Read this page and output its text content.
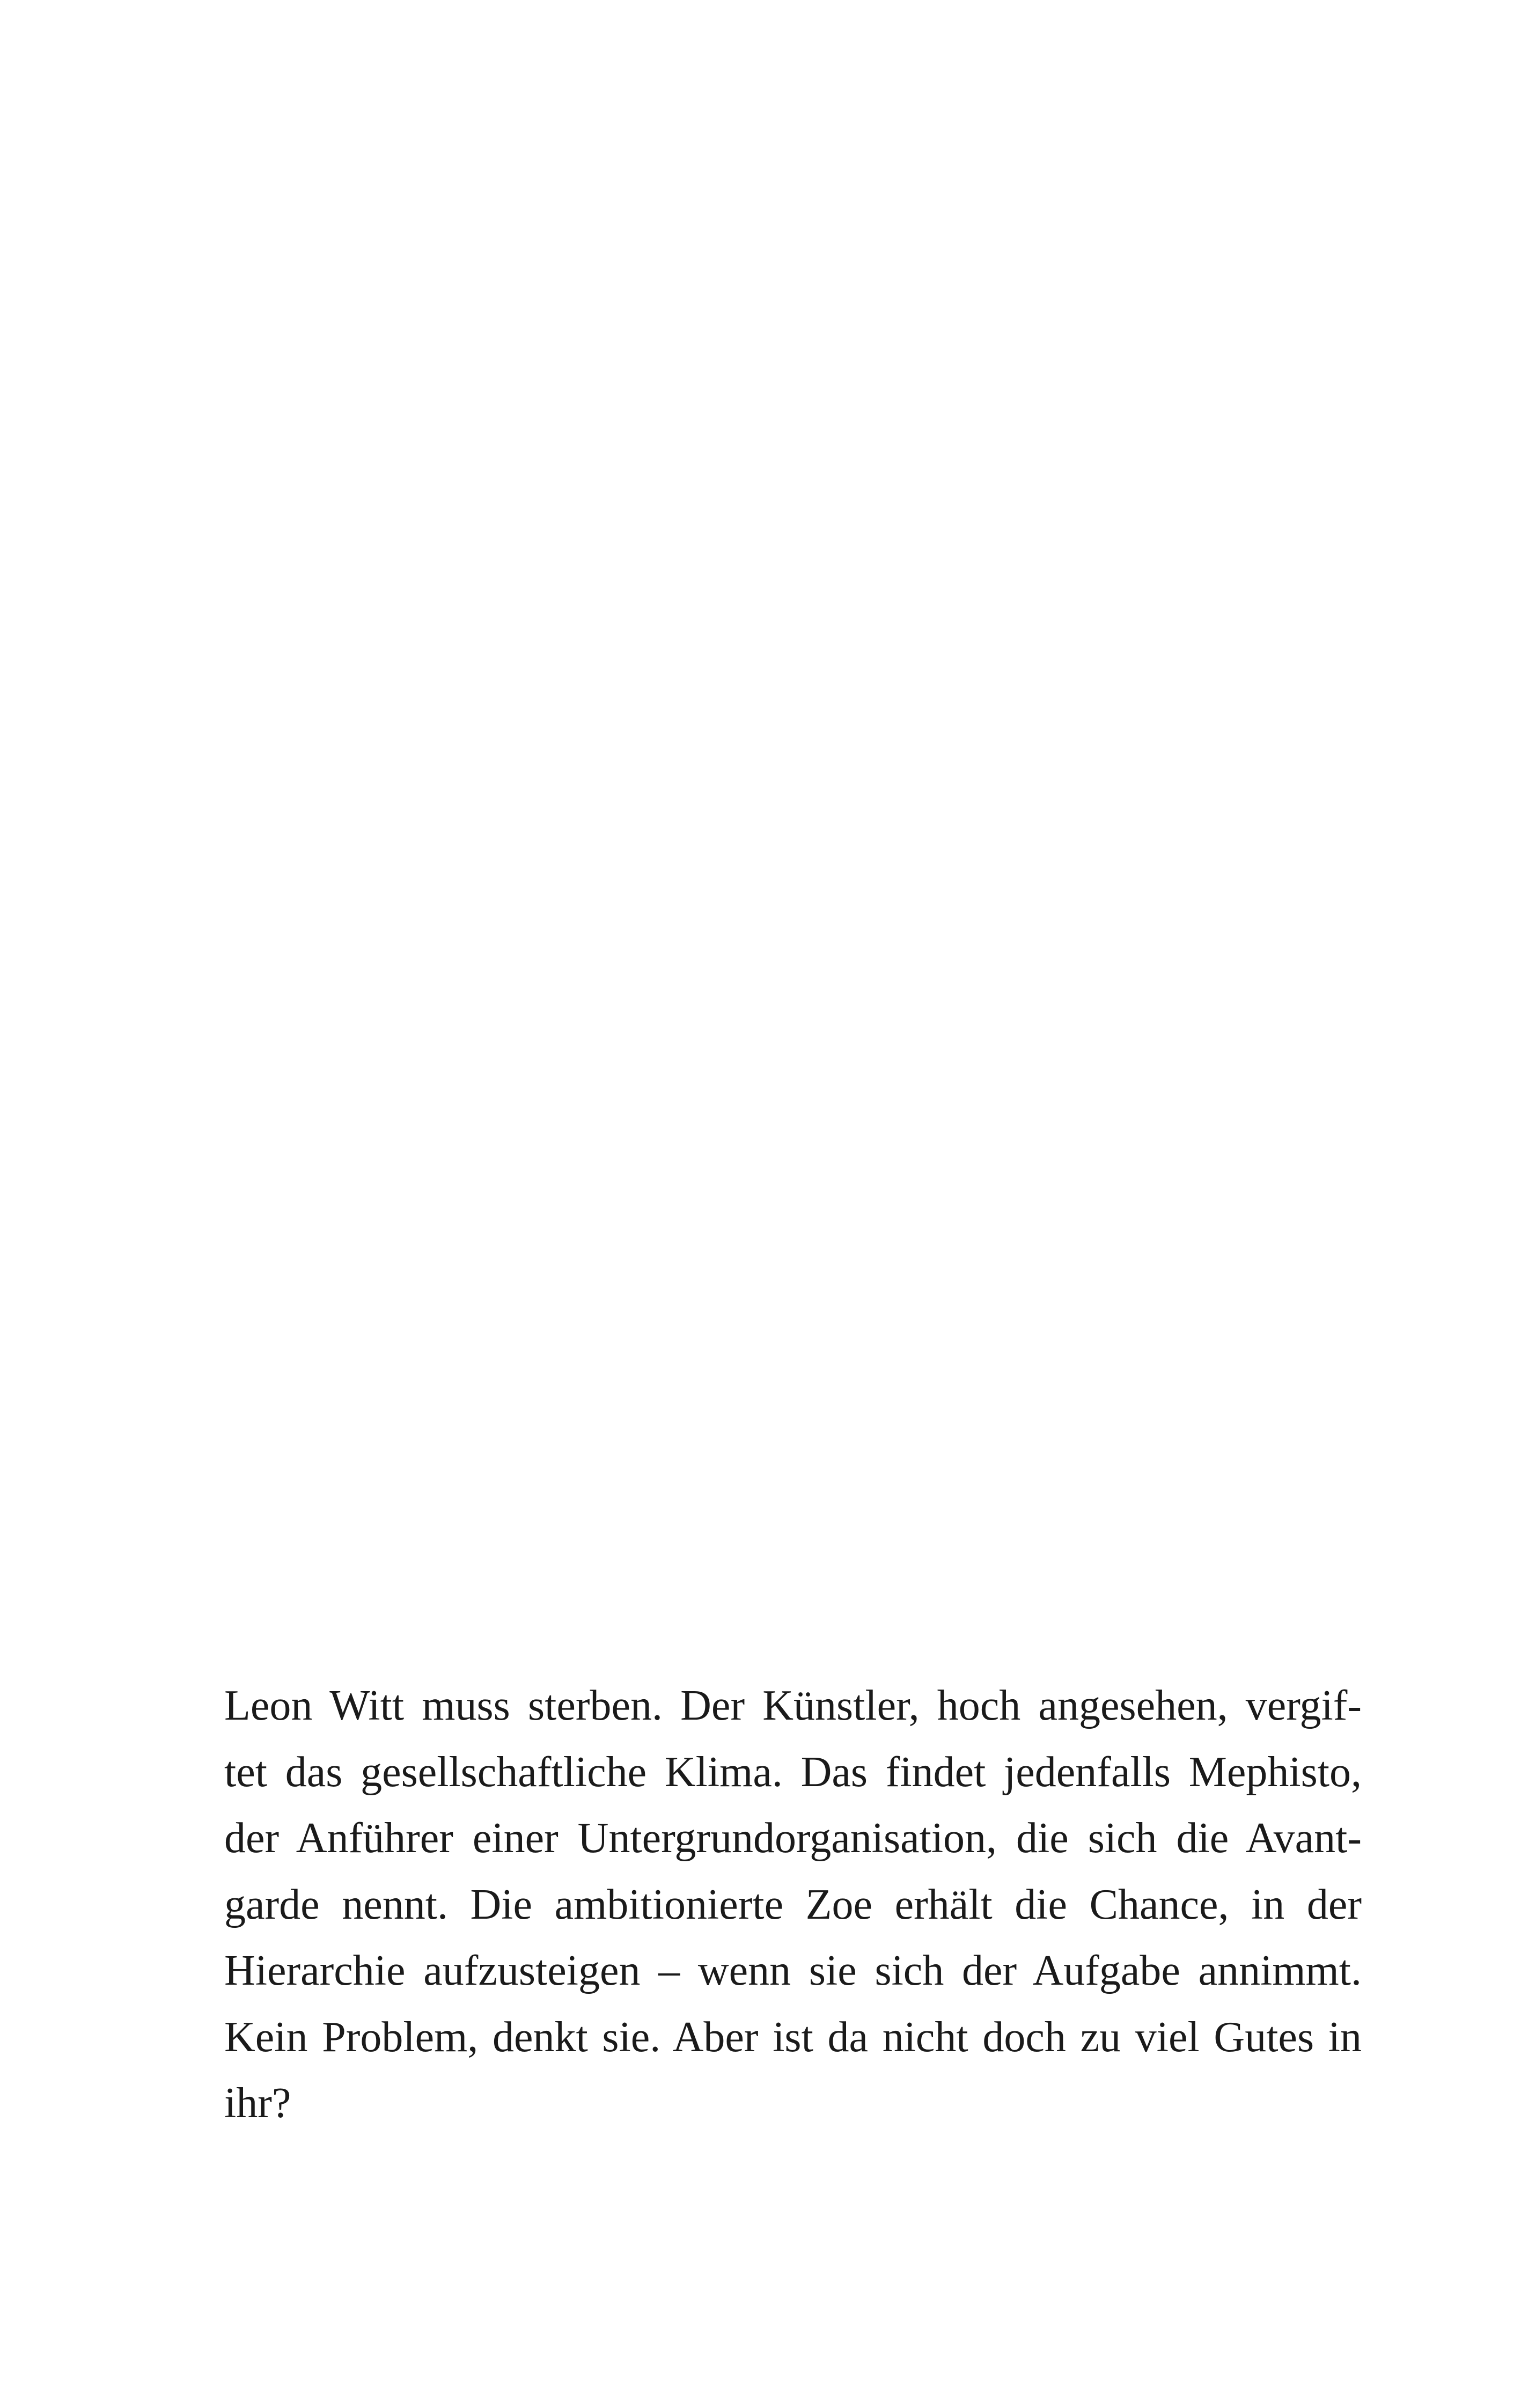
Leon Witt muss sterben. Der Künstler, hoch angesehen, vergif-
tet das gesellschaftliche Klima. Das findet jedenfalls Mephisto,
der Anführer einer Untergrundorganisation, die sich die Avant-
garde nennt. Die ambitionierte Zoe erhält die Chance, in der
Hierarchie aufzusteigen – wenn sie sich der Aufgabe annimmt.
Kein Problem, denkt sie. Aber ist da nicht doch zu viel Gutes in
ihr?
